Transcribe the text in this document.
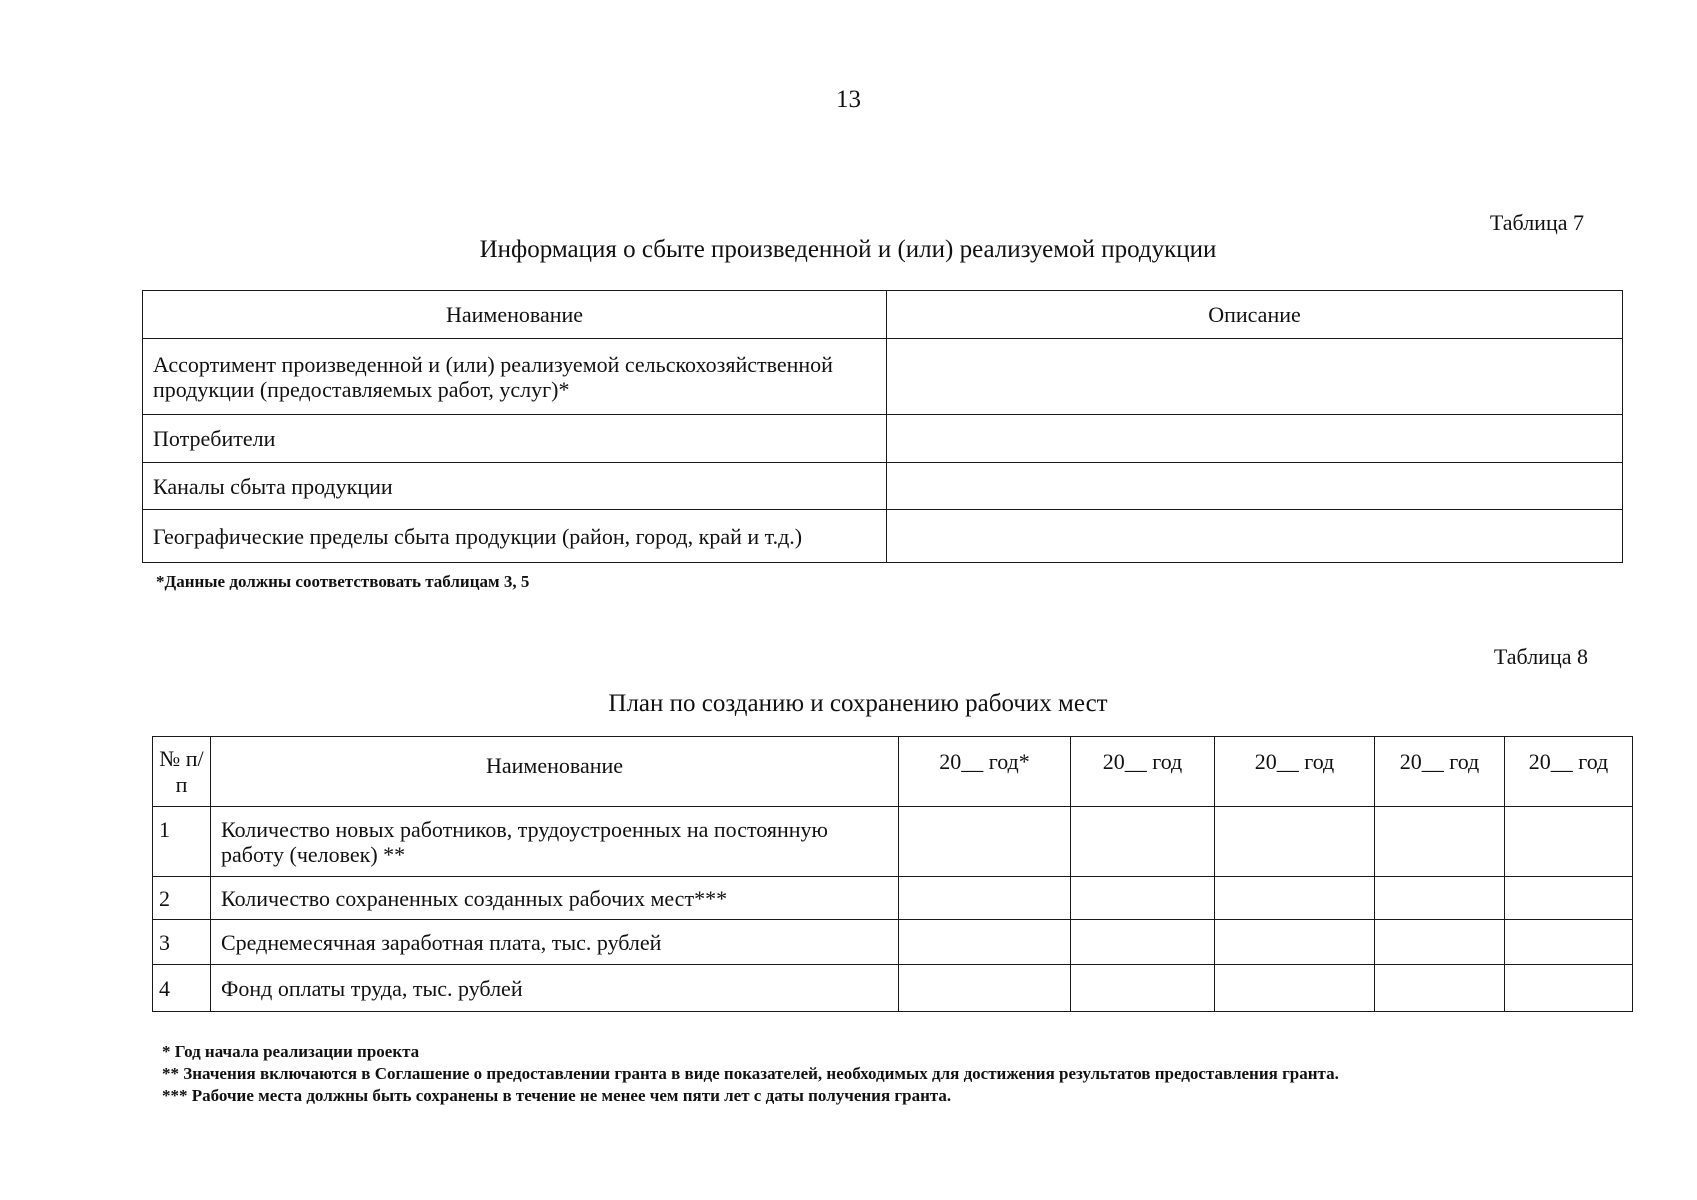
13
Таблица 7
Информация о сбыте произведенной и (или) реализуемой продукции
Наименование	Описание
Ассортимент произведенной и (или) реализуемой сельскохозяйственной продукции (предоставляемых работ, услуг)*	
Потребители	
Каналы сбыта продукции	
Географические пределы сбыта продукции (район, город, край и т.д.)	
*Данные должны соответствовать таблицам 3, 5
Таблица 8
План по созданию и сохранению рабочих мест
№ п/п	Наименование	20__ год*	20__ год	20__ год	20__ год	20__ год
1	Количество новых работников, трудоустроенных на постоянную работу (человек) **					
2	Количество сохраненных созданных рабочих мест***					
3	Среднемесячная заработная плата, тыс. рублей					
4	Фонд оплаты труда, тыс. рублей					
* Год начала реализации проекта
** Значения включаются в Соглашение о предоставлении гранта в виде показателей, необходимых для достижения результатов предоставления гранта.
*** Рабочие места должны быть сохранены в течение не менее чем пяти лет с даты получения гранта.
